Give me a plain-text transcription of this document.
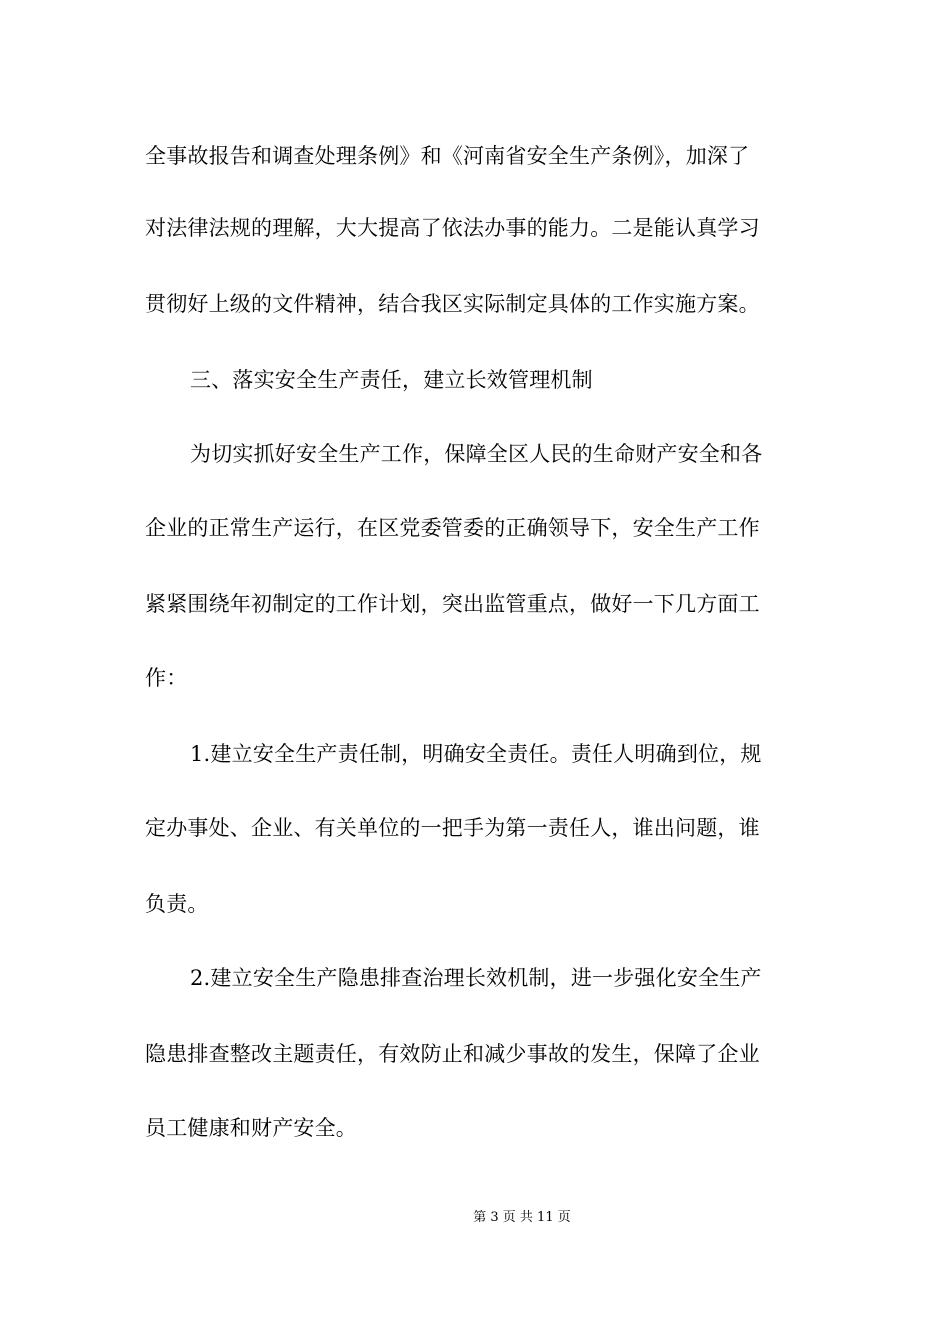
全事故报告和调查处理条例》和《河南省安全生产条例》，加深了
对法律法规的理解，大大提高了依法办事的能力。二是能认真学习
贯彻好上级的文件精神，结合我区实际制定具体的工作实施方案。
三、落实安全生产责任，建立长效管理机制
为切实抓好安全生产工作，保障全区人民的生命财产安全和各
企业的正常生产运行，在区党委管委的正确领导下，安全生产工作
紧紧围绕年初制定的工作计划，突出监管重点，做好一下几方面工
作：
1.建立安全生产责任制，明确安全责任。责任人明确到位，规
定办事处、企业、有关单位的一把手为第一责任人，谁出问题，谁
负责。
2.建立安全生产隐患排查治理长效机制，进一步强化安全生产
隐患排查整改主题责任，有效防止和减少事故的发生，保障了企业
员工健康和财产安全。
第 3 页 共 11 页
